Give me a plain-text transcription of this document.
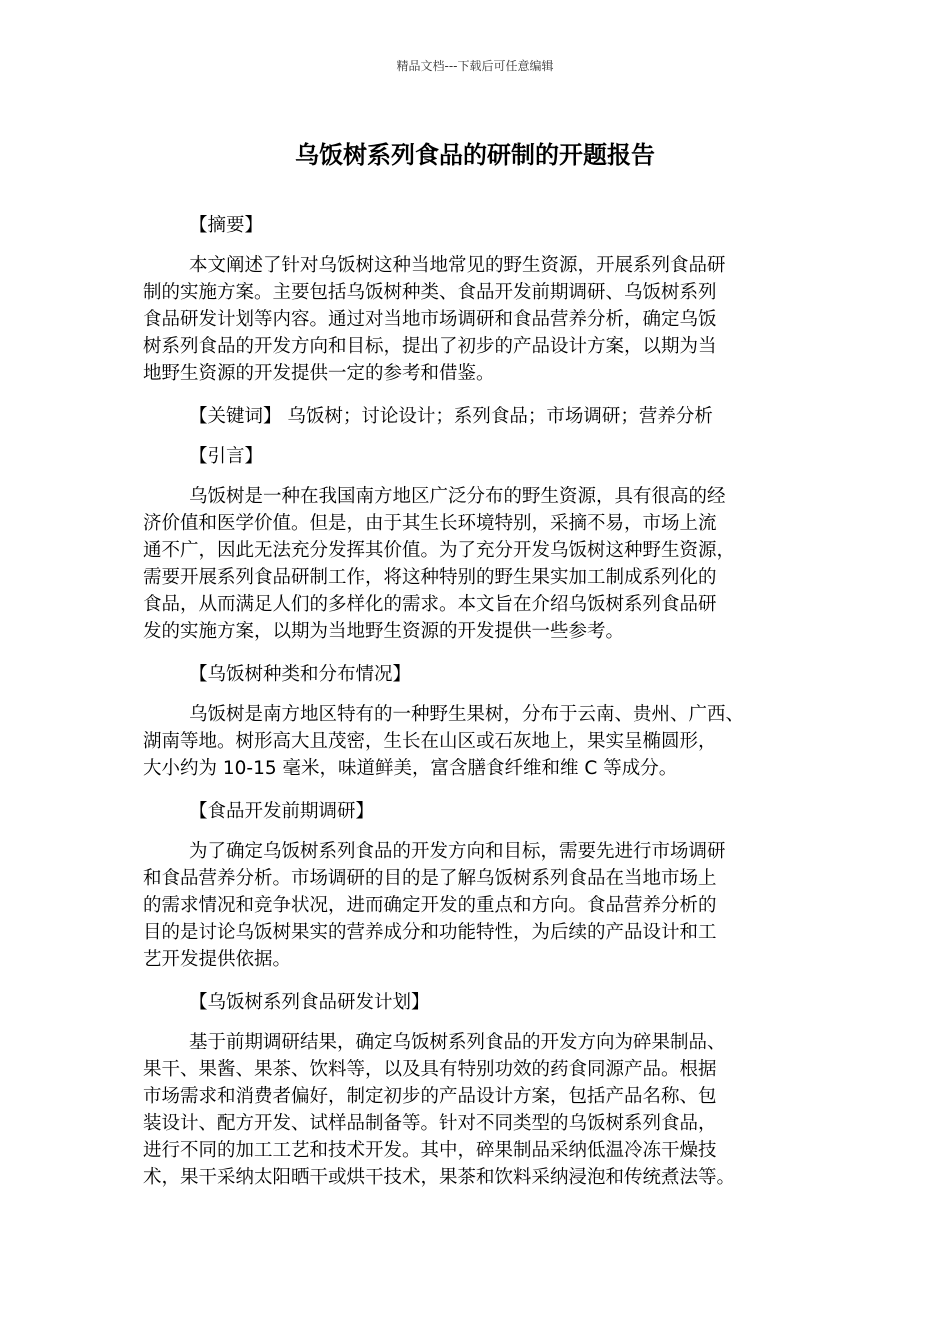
精品文档---下载后可任意编辑
乌饭树系列食品的研制的开题报告
【摘要】
本文阐述了针对乌饭树这种当地常见的野生资源，开展系列食品研
制的实施方案。主要包括乌饭树种类、食品开发前期调研、乌饭树系列
食品研发计划等内容。通过对当地市场调研和食品营养分析，确定乌饭
树系列食品的开发方向和目标，提出了初步的产品设计方案，以期为当
地野生资源的开发提供一定的参考和借鉴。
【关键词】 乌饭树；讨论设计；系列食品；市场调研；营养分析
【引言】
乌饭树是一种在我国南方地区广泛分布的野生资源，具有很高的经
济价值和医学价值。但是，由于其生长环境特别，采摘不易，市场上流
通不广，因此无法充分发挥其价值。为了充分开发乌饭树这种野生资源，
需要开展系列食品研制工作，将这种特别的野生果实加工制成系列化的
食品，从而满足人们的多样化的需求。本文旨在介绍乌饭树系列食品研
发的实施方案，以期为当地野生资源的开发提供一些参考。
【乌饭树种类和分布情况】
乌饭树是南方地区特有的一种野生果树，分布于云南、贵州、广西、
湖南等地。树形高大且茂密，生长在山区或石灰地上，果实呈椭圆形，
大小约为 10-15 毫米，味道鲜美，富含膳食纤维和维 C 等成分。
【食品开发前期调研】
为了确定乌饭树系列食品的开发方向和目标，需要先进行市场调研
和食品营养分析。市场调研的目的是了解乌饭树系列食品在当地市场上
的需求情况和竞争状况，进而确定开发的重点和方向。食品营养分析的
目的是讨论乌饭树果实的营养成分和功能特性，为后续的产品设计和工
艺开发提供依据。
【乌饭树系列食品研发计划】
基于前期调研结果，确定乌饭树系列食品的开发方向为碎果制品、
果干、果酱、果茶、饮料等，以及具有特别功效的药食同源产品。根据
市场需求和消费者偏好，制定初步的产品设计方案，包括产品名称、包
装设计、配方开发、试样品制备等。针对不同类型的乌饭树系列食品，
进行不同的加工工艺和技术开发。其中，碎果制品采纳低温冷冻干燥技
术，果干采纳太阳晒干或烘干技术，果茶和饮料采纳浸泡和传统煮法等。
